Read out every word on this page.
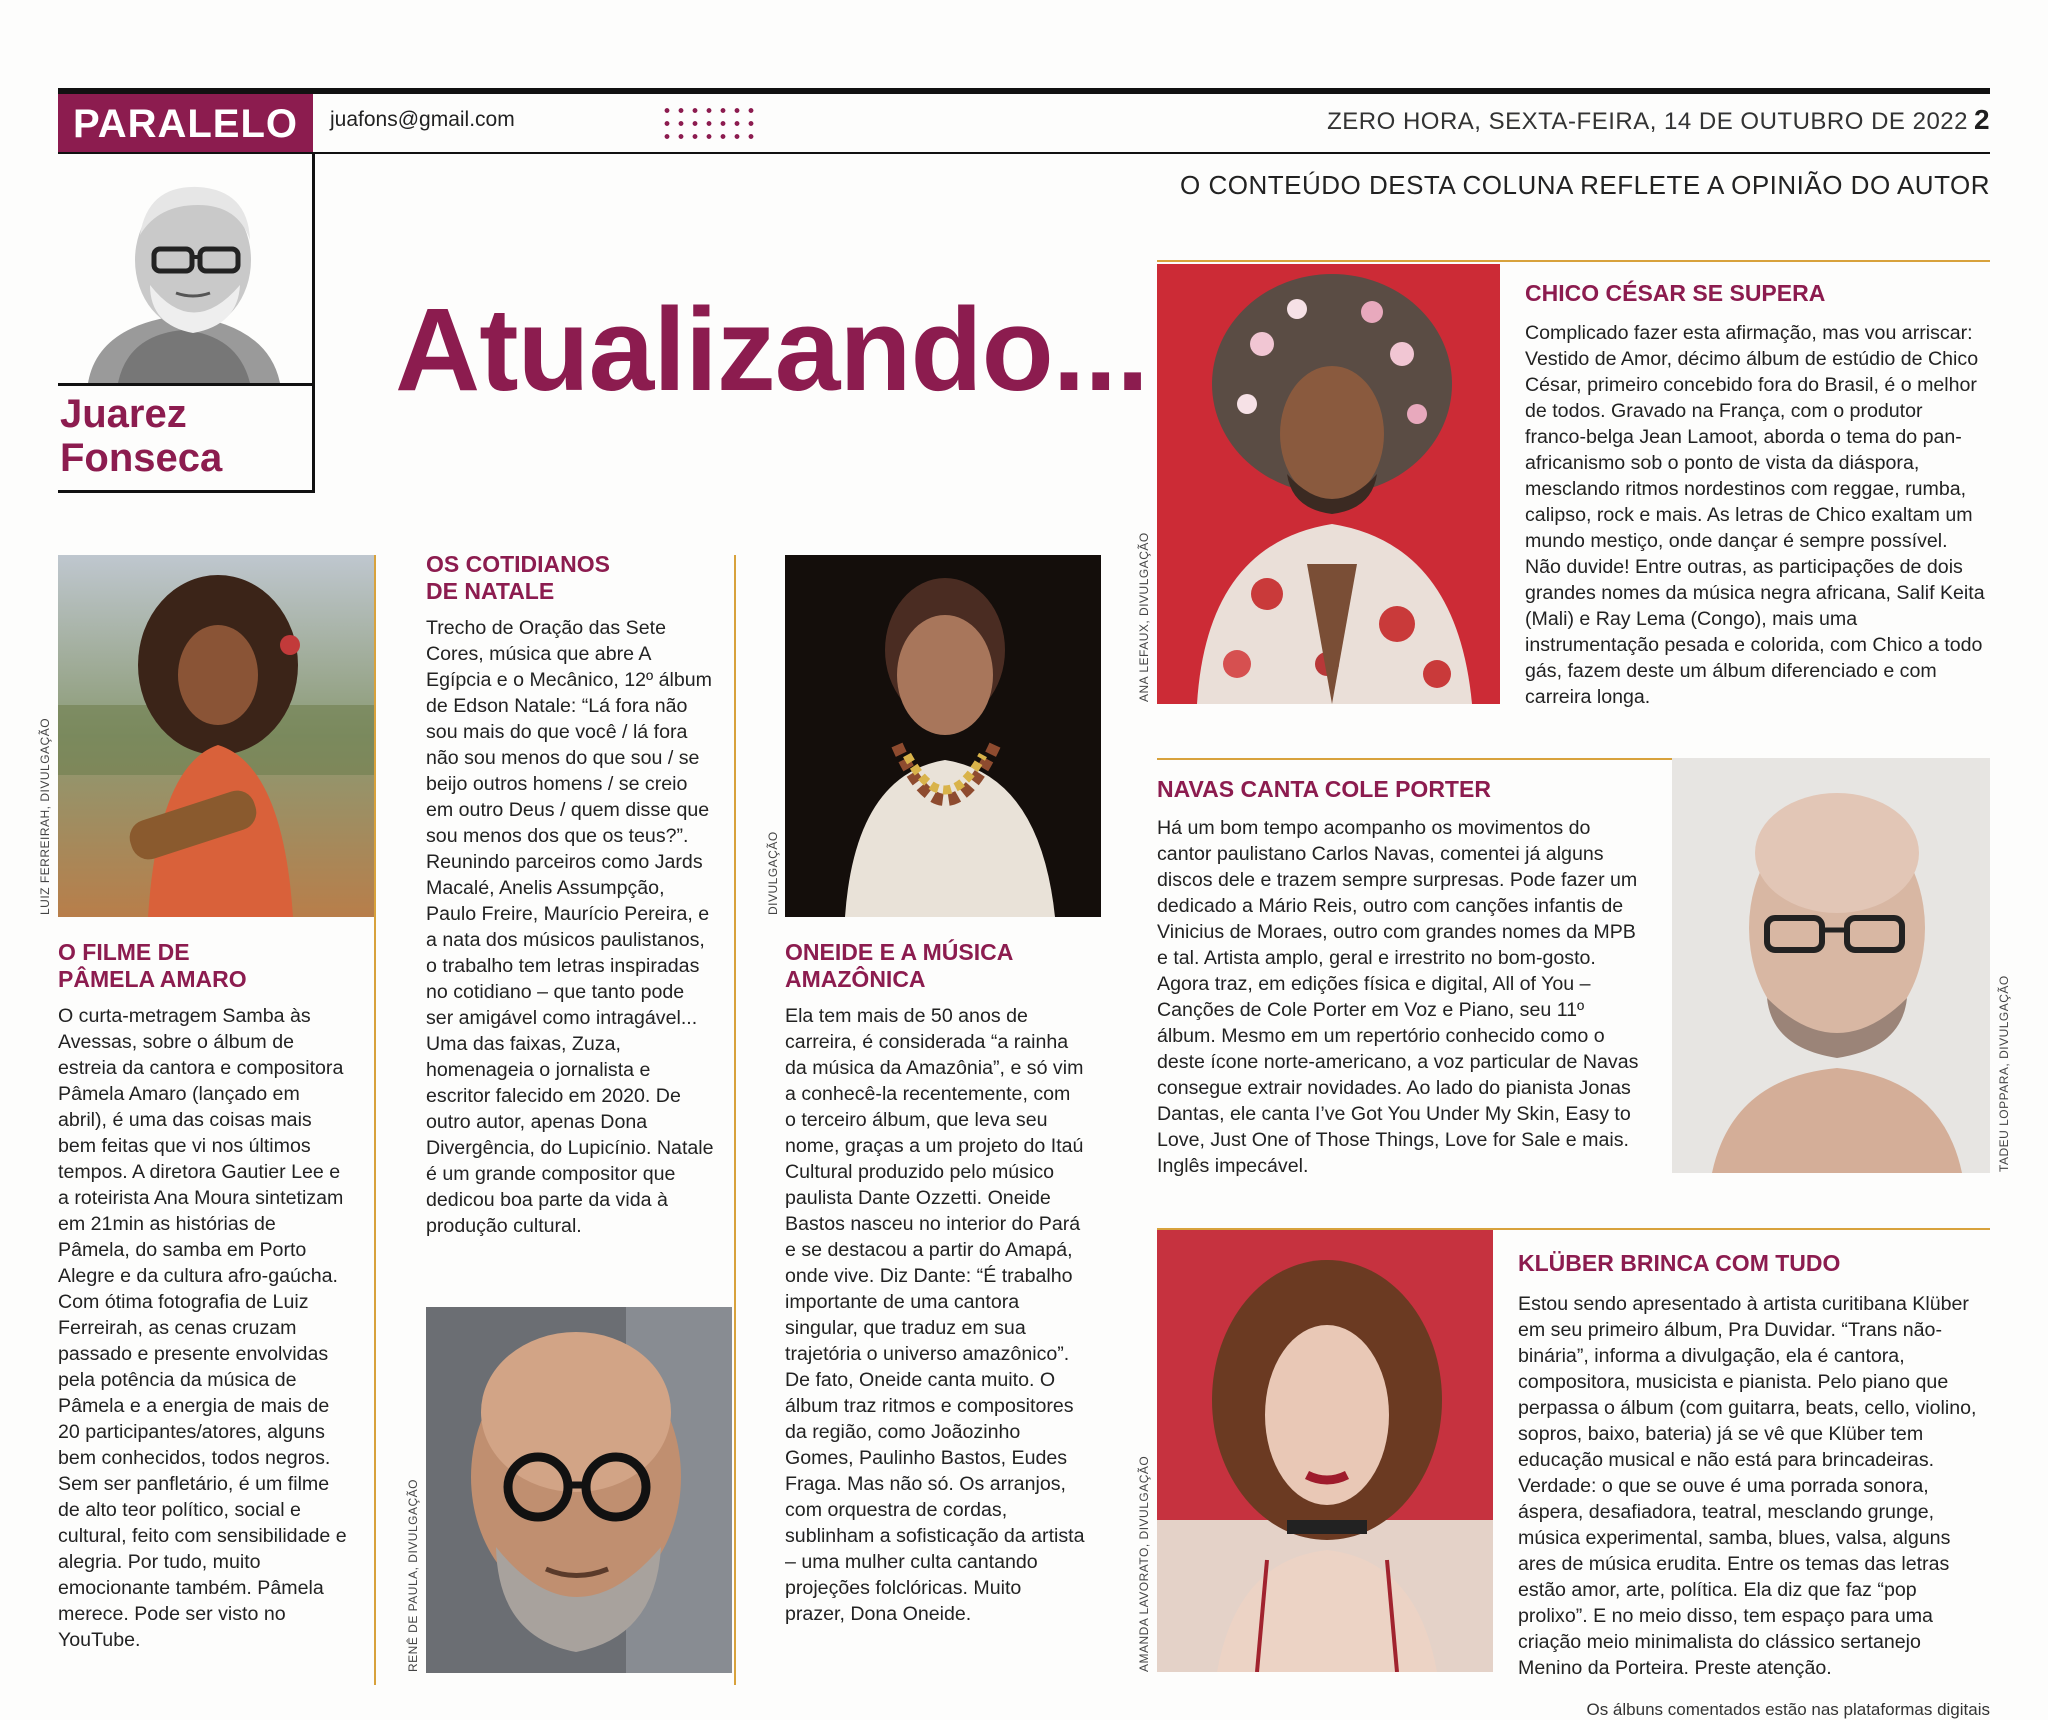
PARALELO	juafons@gmail.com	ZERO HORA, SEXTA-FEIRA, 14 DE OUTUBRO DE 2022 2
O CONTEÚDO DESTA COLUNA REFLETE A OPINIÃO DO AUTOR
Juarez
Fonseca
Atualizando...
LUIZ FERREIRAH, DIVULGAÇÃO
O FILME DE
PÂMELA AMARO

O curta-metragem Samba às Avessas, sobre o álbum de estreia da cantora e compositora Pâmela Amaro (lançado em abril), é uma das coisas mais bem feitas que vi nos últimos tempos. A diretora Gautier Lee e a roteirista Ana Moura sintetizam em 21min as histórias de Pâmela, do samba em Porto Alegre e da cultura afro-gaúcha. Com ótima fotografia de Luiz Ferreirah, as cenas cruzam passado e presente envolvidas pela potência da música de Pâmela e a energia de mais de 20 participantes/atores, alguns bem conhecidos, todos negros. Sem ser panfletário, é um filme de alto teor político, social e cultural, feito com sensibilidade e alegria. Por tudo, muito emocionante também. Pâmela merece. Pode ser visto no YouTube.

OS COTIDIANOS
DE NATALE

Trecho de Oração das Sete Cores, música que abre A Egípcia e o Mecânico, 12º álbum de Edson Natale: “Lá fora não sou mais do que você / lá fora não sou menos do que sou / se beijo outros homens / se creio em outro Deus / quem disse que sou menos dos que os teus?”. Reunindo parceiros como Jards Macalé, Anelis Assumpção, Paulo Freire, Maurício Pereira, e a nata dos músicos paulistanos, o trabalho tem letras inspiradas no cotidiano – que tanto pode ser amigável como intragável... Uma das faixas, Zuza, homenageia o jornalista e escritor falecido em 2020. De outro autor, apenas Dona Divergência, do Lupicínio. Natale é um grande compositor que dedicou boa parte da vida à produção cultural.

RENÊ DE PAULA, DIVULGAÇÃO
DIVULGAÇÃO
ONEIDE E A MÚSICA
AMAZÔNICA

Ela tem mais de 50 anos de carreira, é considerada “a rainha da música da Amazônia”, e só vim a conhecê-la recentemente, com o terceiro álbum, que leva seu nome, graças a um projeto do Itaú Cultural produzido pelo músico paulista Dante Ozzetti. Oneide Bastos nasceu no interior do Pará e se destacou a partir do Amapá, onde vive. Diz Dante: “É trabalho importante de uma cantora singular, que traduz em sua trajetória o universo amazônico”. De fato, Oneide canta muito. O álbum traz ritmos e compositores da região, como Joãozinho Gomes, Paulinho Bastos, Eudes Fraga. Mas não só. Os arranjos, com orquestra de cordas, sublinham a sofisticação da artista – uma mulher culta cantando projeções folclóricas. Muito prazer, Dona Oneide.

ANA LEFAUX, DIVULGAÇÃO
CHICO CÉSAR SE SUPERA

Complicado fazer esta afirmação, mas vou arriscar: Vestido de Amor, décimo álbum de estúdio de Chico César, primeiro concebido fora do Brasil, é o melhor de todos. Gravado na França, com o produtor franco-belga Jean Lamoot, aborda o tema do pan-africanismo sob o ponto de vista da diáspora, mesclando ritmos nordestinos com reggae, rumba, calipso, rock e mais. As letras de Chico exaltam um mundo mestiço, onde dançar é sempre possível. Não duvide! Entre outras, as participações de dois grandes nomes da música negra africana, Salif Keita (Mali) e Ray Lema (Congo), mais uma instrumentação pesada e colorida, com Chico a todo gás, fazem deste um álbum diferenciado e com carreira longa.

NAVAS CANTA COLE PORTER

Há um bom tempo acompanho os movimentos do cantor paulistano Carlos Navas, comentei já alguns discos dele e trazem sempre surpresas. Pode fazer um dedicado a Mário Reis, outro com canções infantis de Vinicius de Moraes, outro com grandes nomes da MPB e tal. Artista amplo, geral e irrestrito no bom-gosto. Agora traz, em edições física e digital, All of You – Canções de Cole Porter em Voz e Piano, seu 11º álbum. Mesmo em um repertório conhecido como o deste ícone norte-americano, a voz particular de Navas consegue extrair novidades. Ao lado do pianista Jonas Dantas, ele canta I’ve Got You Under My Skin, Easy to Love, Just One of Those Things, Love for Sale e mais. Inglês impecável.	TADEU LOPPARA, DIVULGAÇÃO
AMANDA LAVORATO, DIVULGAÇÃO
KLÜBER BRINCA COM TUDO

Estou sendo apresentado à artista curitibana Klüber em seu primeiro álbum, Pra Duvidar. “Trans não-binária”, informa a divulgação, ela é cantora, compositora, musicista e pianista. Pelo piano que perpassa o álbum (com guitarra, beats, cello, violino, sopros, baixo, bateria) já se vê que Klüber tem educação musical e não está para brincadeiras. Verdade: o que se ouve é uma porrada sonora, áspera, desafiadora, teatral, mesclando grunge, música experimental, samba, blues, valsa, alguns ares de música erudita. Entre os temas das letras estão amor, arte, política. Ela diz que faz “pop prolixo”. E no meio disso, tem espaço para uma criação meio minimalista do clássico sertanejo Menino da Porteira. Preste atenção.

Os álbuns comentados estão nas plataformas digitais
